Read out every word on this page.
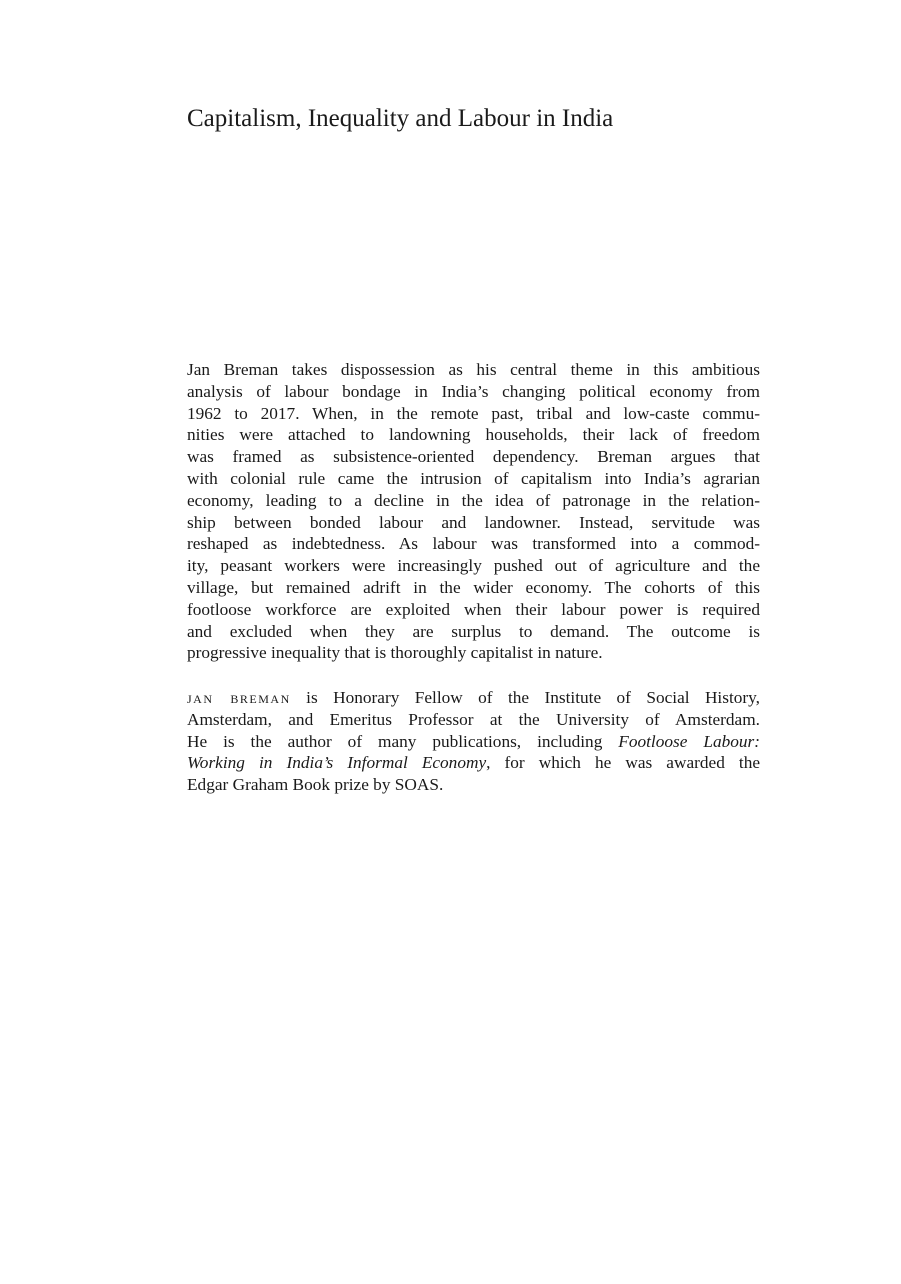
Capitalism, Inequality and Labour in India

Jan Breman takes dispossession as his central theme in this ambitious
analysis of labour bondage in India’s changing political economy from
1962 to 2017. When, in the remote past, tribal and low-caste commu-
nities were attached to landowning households, their lack of freedom
was framed as subsistence-oriented dependency. Breman argues that
with colonial rule came the intrusion of capitalism into India’s agrarian
economy, leading to a decline in the idea of patronage in the relation-
ship between bonded labour and landowner. Instead, servitude was
reshaped as indebtedness. As labour was transformed into a commod-
ity, peasant workers were increasingly pushed out of agriculture and the
village, but remained adrift in the wider economy. The cohorts of this
footloose workforce are exploited when their labour power is required
and excluded when they are surplus to demand. The outcome is
progressive inequality that is thoroughly capitalist in nature.

jan breman is Honorary Fellow of the Institute of Social History,
Amsterdam, and Emeritus Professor at the University of Amsterdam.
He is the author of many publications, including Footloose Labour:
Working in India’s Informal Economy, for which he was awarded the
Edgar Graham Book prize by SOAS.
